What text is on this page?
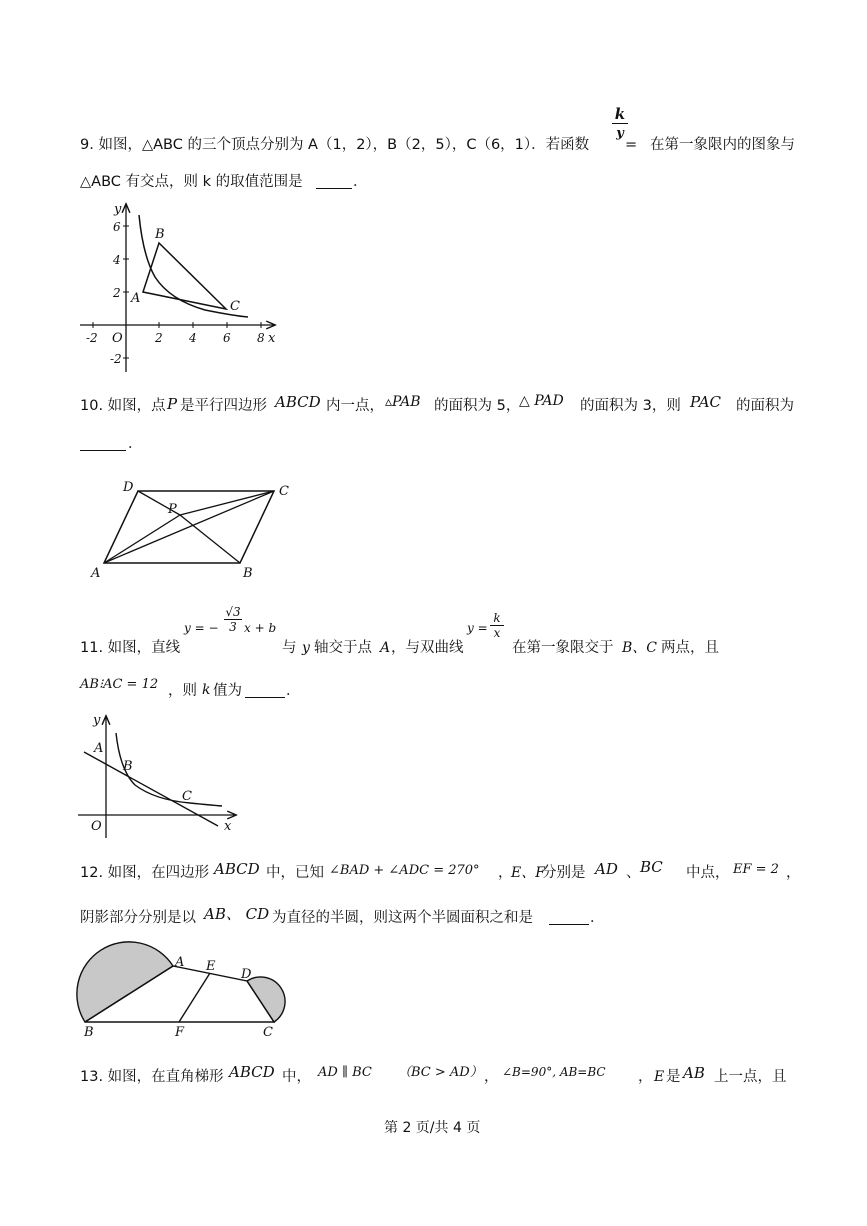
9. 如图，△ABC 的三个顶点分别为 A（1，2），B（2，5），C（6，1）．若函数
k
y
= 在第一象限内的图象与
△ABC 有交点，则 k 的取值范围是	．
-2	2 4 6 8
6
4
2
-2
O	x
y
A
B
C
10. 如图，点 P 是平行四边形 ABCD 内一点， ▵PAB 的面积为 5，
△ PAD 的面积为 3，则 PAC 的面积为
．
D	C
P
A	B
11. 如图，直线
y = −
√3
3 x + b
与 y 轴交于点 A ，与双曲线
y =
k
x
在第一象限交于 B、C 两点，且
AB⁝AC = 12 ，则 k 值为	．
A
B
C
O	x
y
12. 如图，在四边形 ABCD 中，已知 ∠BAD + ∠ADC = 270° ，
E、F
分别是 AD 、 BC 中点， EF = 2 ，
阴影部分分别是以 AB、 CD 为直径的半圆，则这两个半圆面积之和是	．
A E
D
B	F	C
13. 如图，在直角梯形 ABCD 中， AD ∥ BC （BC > AD） ， ∠B=90°, AB=BC ， E 是 AB 上一点，且
第 2 页/共 4 页
